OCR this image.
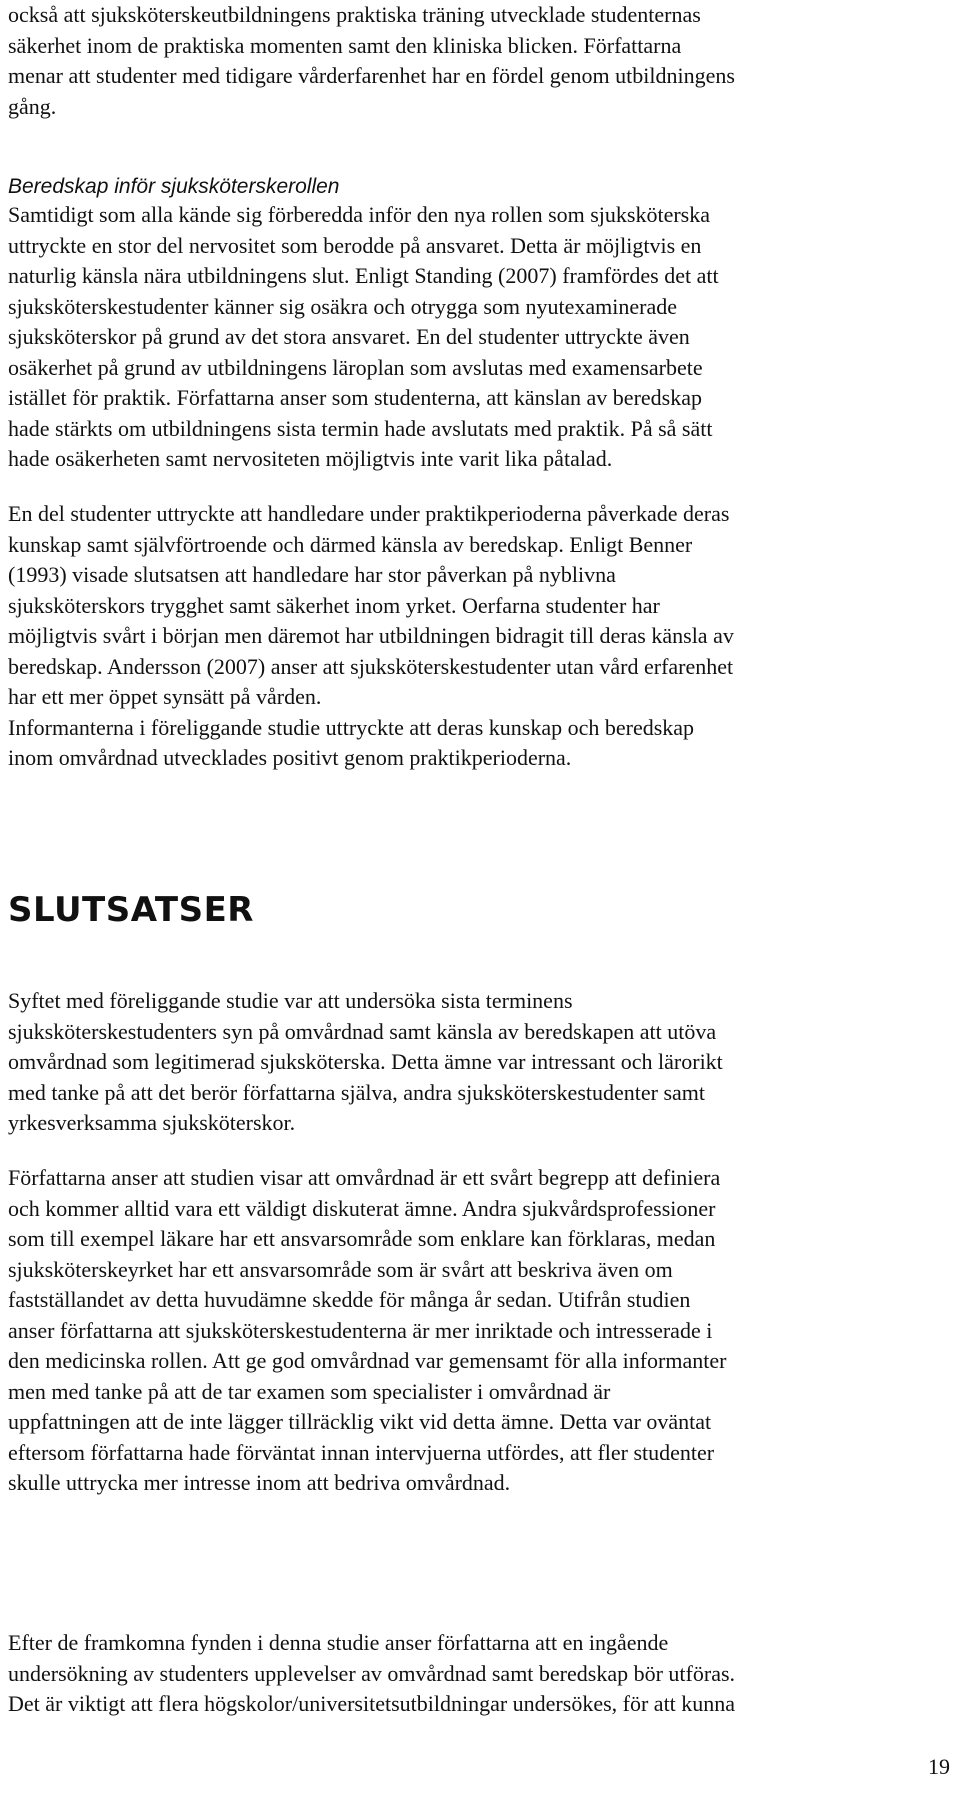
också att sjuksköterskeutbildningens praktiska träning utvecklade studenternas
säkerhet inom de praktiska momenten samt den kliniska blicken. Författarna
menar att studenter med tidigare vårderfarenhet har en fördel genom utbildningens
gång.

Beredskap inför sjuksköterskerollen

Samtidigt som alla kände sig förberedda inför den nya rollen som sjuksköterska
uttryckte en stor del nervositet som berodde på ansvaret. Detta är möjligtvis en
naturlig känsla nära utbildningens slut. Enligt Standing (2007) framfördes det att
sjuksköterskestudenter känner sig osäkra och otrygga som nyutexaminerade
sjuksköterskor på grund av det stora ansvaret. En del studenter uttryckte även
osäkerhet på grund av utbildningens läroplan som avslutas med examensarbete
istället för praktik. Författarna anser som studenterna, att känslan av beredskap
hade stärkts om utbildningens sista termin hade avslutats med praktik. På så sätt
hade osäkerheten samt nervositeten möjligtvis inte varit lika påtalad.

En del studenter uttryckte att handledare under praktikperioderna påverkade deras
kunskap samt självförtroende och därmed känsla av beredskap. Enligt Benner
(1993) visade slutsatsen att handledare har stor påverkan på nyblivna
sjuksköterskors trygghet samt säkerhet inom yrket. Oerfarna studenter har
möjligtvis svårt i början men däremot har utbildningen bidragit till deras känsla av
beredskap. Andersson (2007) anser att sjuksköterskestudenter utan vård erfarenhet
har ett mer öppet synsätt på vården.
Informanterna i föreliggande studie uttryckte att deras kunskap och beredskap
inom omvårdnad utvecklades positivt genom praktikperioderna.

SLUTSATSER

Syftet med föreliggande studie var att undersöka sista terminens
sjuksköterskestudenters syn på omvårdnad samt känsla av beredskapen att utöva
omvårdnad som legitimerad sjuksköterska. Detta ämne var intressant och lärorikt
med tanke på att det berör författarna själva, andra sjuksköterskestudenter samt
yrkesverksamma sjuksköterskor.

Författarna anser att studien visar att omvårdnad är ett svårt begrepp att definiera
och kommer alltid vara ett väldigt diskuterat ämne. Andra sjukvårdsprofessioner
som till exempel läkare har ett ansvarsområde som enklare kan förklaras, medan
sjuksköterskeyrket har ett ansvarsområde som är svårt att beskriva även om
fastställandet av detta huvudämne skedde för många år sedan. Utifrån studien
anser författarna att sjuksköterskestudenterna är mer inriktade och intresserade i
den medicinska rollen. Att ge god omvårdnad var gemensamt för alla informanter
men med tanke på att de tar examen som specialister i omvårdnad är
uppfattningen att de inte lägger tillräcklig vikt vid detta ämne. Detta var oväntat
eftersom författarna hade förväntat innan intervjuerna utfördes, att fler studenter
skulle uttrycka mer intresse inom att bedriva omvårdnad.

Efter de framkomna fynden i denna studie anser författarna att en ingående
undersökning av studenters upplevelser av omvårdnad samt beredskap bör utföras.
Det är viktigt att flera högskolor/universitetsutbildningar undersökes, för att kunna

19
